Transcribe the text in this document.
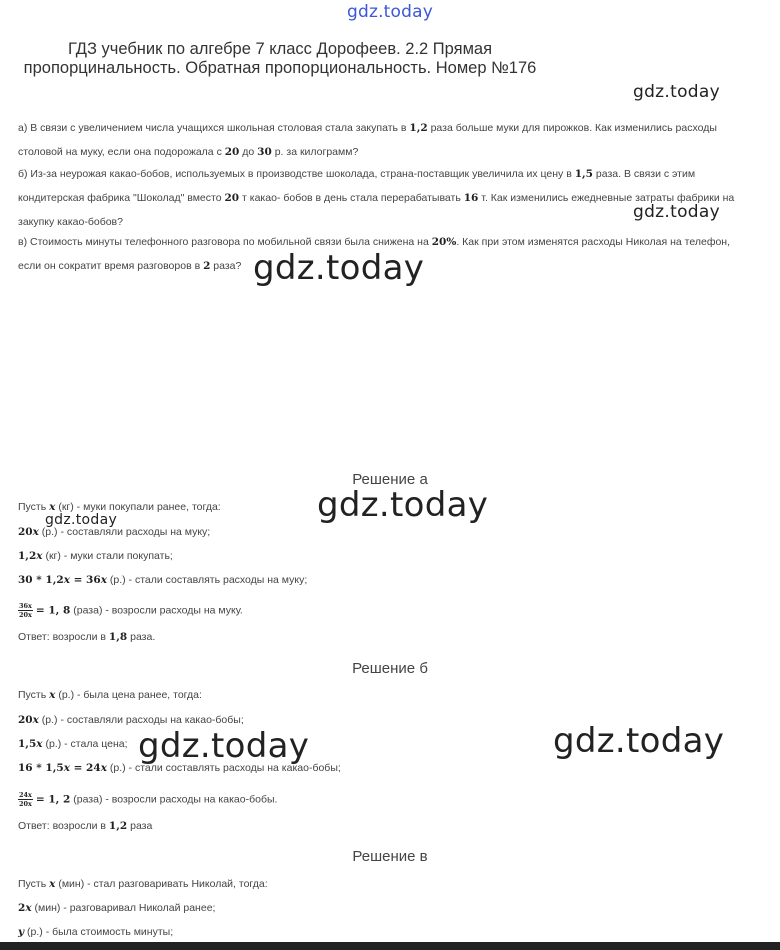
gdz.today
ГДЗ учебник по алгебре 7 класс Дорофеев. 2.2 Прямая пропорцинальность. Обратная пропорциональность. Номер №176
gdz.today
gdz.today
gdz.today
gdz.today
gdz.today
gdz.today	gdz.today
а) В связи с увеличением числа учащихся школьная столовая стала закупать в 1,2 раза больше муки для пирожков. Как изменились расходы
столовой на муку, если она подорожала с 20 до 30 р. за килограмм?
б) Из-за неурожая какао-бобов, используемых в производстве шоколада, страна-поставщик увеличила их цену в 1,5 раза. В связи с этим
кондитерская фабрика "Шоколад" вместо 20 т какао- бобов в день стала перерабатывать 16 т. Как изменились ежедневные затраты фабрики на
закупку какао-бобов?
в) Стоимость минуты телефонного разговора по мобильной связи была снижена на 20%. Как при этом изменятся расходы Николая на телефон,
если он сократит время разговоров в 2 раза?
Решение а
Пусть x (кг) - муки покупали ранее, тогда:
20x (р.) - составляли расходы на муку;
1,2x (кг) - муки стали покупать;
30 * 1,2x = 36x (р.) - стали составлять расходы на муку;
$\frac{36x}{20x} = 1$, 8 (раза) - возросли расходы на муку.
Ответ: возросли в 1,8 раза.
Решение б
Пусть x (р.) - была цена ранее, тогда:
20x (р.) - составляли расходы на какао-бобы;
1,5x (р.) - стала цена;
16 * 1,5x = 24x (р.) - стали составлять расходы на какао-бобы;
$\frac{24x}{20x} = 1$, 2 (раза) - возросли расходы на какао-бобы.
Ответ: возросли в 1,2 раза
Решение в
Пусть x (мин) - стал разговаривать Николай, тогда:
2x (мин) - разговаривал Николай ранее;
y (р.) - была стоимость минуты;
